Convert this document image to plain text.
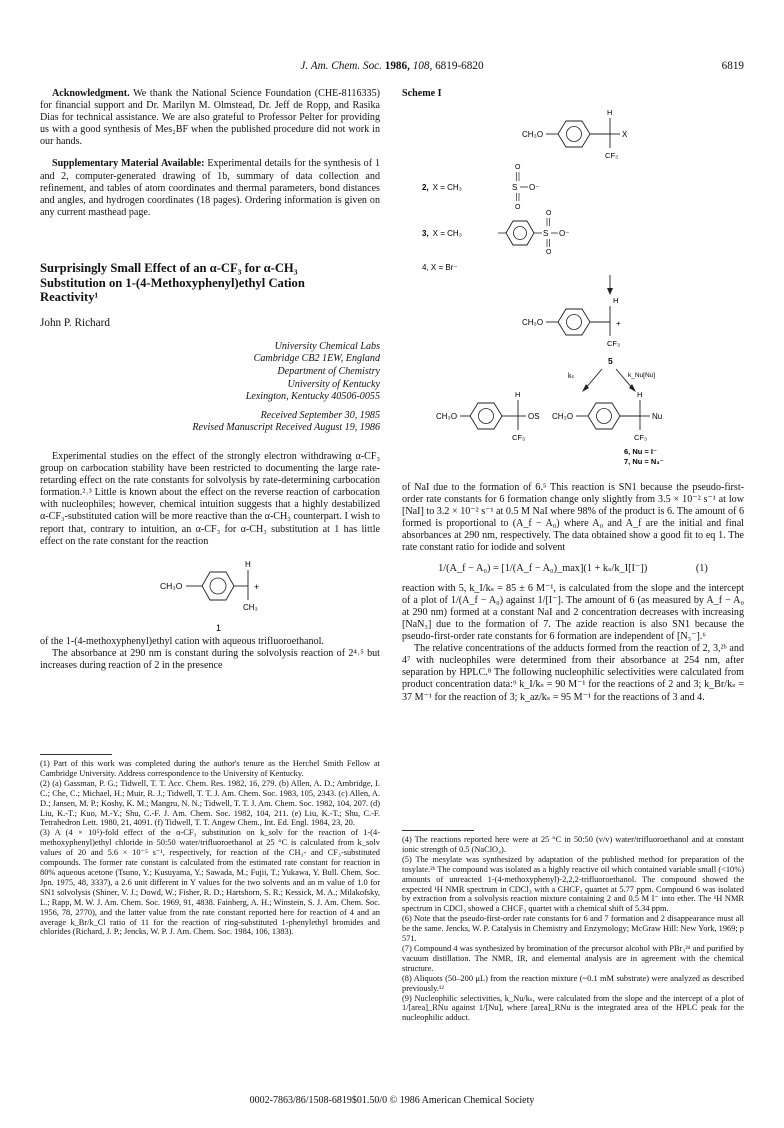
J. Am. Chem. Soc. 1986, 108, 6819-6820	6819

Acknowledgment. We thank the National Science Foundation (CHE-8116335) for financial support and Dr. Marilyn M. Olmstead, Dr. Jeff de Ropp, and Rasika Dias for technical assistance. We are also grateful to Professor Pelter for providing us with a good synthesis of Mes₂BF when the published procedure did not work in our hands.

Supplementary Material Available: Experimental details for the synthesis of 1 and 2, computer-generated drawing of 1b, summary of data collection and refinement, and tables of atom coordinates and thermal parameters, bond distances and angles, and hydrogen coordinates (18 pages). Ordering information is given on any current masthead page.

Surprisingly Small Effect of an α-CF₃ for α-CH₃
Substitution on 1-(4-Methoxyphenyl)ethyl Cation
Reactivity¹

John P. Richard

University Chemical Labs

Cambridge CB2 1EW, England

Department of Chemistry

University of Kentucky

Lexington, Kentucky 40506-0055

Received September 30, 1985

Revised Manuscript Received August 19, 1986

Experimental studies on the effect of the strongly electron withdrawing α-CF₃ group on carbocation stability have been restricted to documenting the large rate-retarding effect on the rate constants for solvolysis by rate-determining carbocation formation.²˒³ Little is known about the effect on the reverse reaction of carbocation with nucleophiles; however, chemical intuition suggests that a highly destabilized α-CF₃-substituted cation will be more reactive than the α-CH₃ counterpart. I wish to report that, contrary to intuition, an α-CF₃ for α-CH₃ substitution at 1 has little effect on the rate constant for the reaction

CH₃O
H
+
CH₃
1

of the 1-(4-methoxyphenyl)ethyl cation with aqueous trifluoroethanol.

The absorbance at 290 nm is constant during the solvolysis reaction of 2⁴˒⁵ but increases during reaction of 2 in the presence

(1) Part of this work was completed during the author's tenure as the Herchel Smith Fellow at Cambridge University. Address correspondence to the University of Kentucky.

(2) (a) Gassman, P. G.; Tidwell, T. T. Acc. Chem. Res. 1982, 16, 279. (b) Allen, A. D.; Ambridge, I. C.; Che, C.; Michael, H.; Muir, R. J.; Tidwell, T. T. J. Am. Chem. Soc. 1983, 105, 2343. (c) Allen, A. D.; Jansen, M. P.; Koshy, K. M.; Mangru, N. N.; Tidwell, T. T. J. Am. Chem. Soc. 1982, 104, 207. (d) Liu, K.-T.; Kuo, M.-Y.; Shu, C.-F. J. Am. Chem. Soc. 1982, 104, 211. (e) Liu, K.-T.; Shu, C.-F. Tetrahedron Lett. 1980, 21, 4091. (f) Tidwell, T. T. Angew Chem., Int. Ed. Engl. 1984, 23, 20.

(3) A (4 × 10⁵)-fold effect of the α-CF₃ substitution on k_solv for the reaction of 1-(4-methoxyphenyl)ethyl chloride in 50:50 water/trifluoroethanol at 25 °C is calculated from k_solv values of 20 and 5.6 × 10⁻⁵ s⁻¹, respectively, for reaction of the CH₃- and CF₃-substituted compounds. The former rate constant is calculated from the estimated rate constant for reaction in 80% aqueous acetone (Tsuno, Y.; Kusuyama, Y.; Sawada, M.; Fujii, T.; Yukawa, Y. Bull. Chem. Soc. Jpn. 1975, 48, 3337), a 2.6 unit different in Y values for the two solvents and an m value of 1.0 for SN1 solvolysis (Shiner, V. J.; Dowd, W.; Fisher, R. D.; Hartshorn, S. R.; Kessick, M. A.; Milakofsky, L.; Rapp, M. W. J. Am. Chem. Soc. 1969, 91, 4838. Fainberg, A. H.; Winstein, S. J. Am. Chem. Soc. 1956, 78, 2770), and the latter value from the rate constant reported here for reaction of 4 and an average k_Br/k_Cl ratio of 11 for the reaction of ring-substituted 1-phenylethyl bromides and chlorides (Richard, J. P.; Jencks, W. P. J. Am. Chem. Soc. 1984, 106, 1383).

Scheme I
CH₃O
H
X
CF₃
O
2, X = CH₃	S O⁻
O
3, X = CH₃	S O⁻
O
O
4, X = Br⁻
CH₃O
H
+
CF₃
5
kₛ	k_Nu[Nu]
CH₃O
H
OS
CF₃
CH₃O
H
Nu
CF₃
6, Nu = I⁻
7, Nu = N₃⁻

of NaI due to the formation of 6.⁵ This reaction is SN1 because the pseudo-first-order rate constants for 6 formation change only slightly from 3.5 × 10⁻² s⁻¹ at low [NaI] to 3.2 × 10⁻² s⁻¹ at 0.5 M NaI where 98% of the product is 6. The amount of 6 formed is proportional to (A_f − A₀) where A₀ and A_f are the initial and final absorbances at 290 nm, respectively. The data obtained show a good fit to eq 1. The rate constant ratio for iodide and solvent

1/(A_f − A₀) = [1/(A_f − A₀)_max](1 + kₛ/k_I[I⁻])	(1)

reaction with 5, k_I/kₛ = 85 ± 6 M⁻¹, is calculated from the slope and the intercept of a plot of 1/(A_f − A₀) against 1/[I⁻]. The amount of 6 (as measured by A_f − A₀ at 290 nm) formed at a constant NaI and 2 concentration decreases with increasing [NaN₃] due to the formation of 7. The azide reaction is also SN1 because the pseudo-first-order rate constants for 6 formation are independent of [N₃⁻].⁶

The relative concentrations of the adducts formed from the reaction of 2, 3,²ᵇ and 4⁷ with nucleophiles were determined from their absorbance at 254 nm, after separation by HPLC.⁸ The following nucleophilic selectivities were calculated from product concentration data:⁹ k_I/kₛ = 90 M⁻¹ for the reactions of 2 and 3; k_Br/kₛ = 37 M⁻¹ for the reaction of 3; k_az/kₛ = 95 M⁻¹ for the reactions of 3 and 4.

(4) The reactions reported here were at 25 °C in 50:50 (v/v) water/trifluoroethanol and at constant ionic strength of 0.5 (NaClO₄).

(5) The mesylate was synthesized by adaptation of the published method for preparation of the tosylate.²ᵇ The compound was isolated as a highly reactive oil which contained variable small (<10%) amounts of unreacted 1-(4-methoxyphenyl)-2,2,2-trifluoroethanol. The compound showed the expected ¹H NMR spectrum in CDCl₃ with a CHCF₃ quartet at 5.77 ppm. Compound 6 was isolated by extraction from a solvolysis reaction mixture containing 2 and 0.5 M I⁻ into ether. The ¹H NMR spectrum in CDCl₃ showed a CHCF₃ quartet with a chemical shift of 5.34 ppm.

(6) Note that the pseudo-first-order rate constants for 6 and 7 formation and 2 disappearance must all be the same. Jencks, W. P. Catalysis in Chemistry and Enzymology; McGraw Hill: New York, 1969; p 571.

(7) Compound 4 was synthesized by bromination of the precursor alcohol with PBr₃²ᵈ and purified by vacuum distillation. The NMR, IR, and elemental analysis are in agreement with the chemical structure.

(8) Aliquots (50–200 μL) from the reaction mixture (~0.1 mM substrate) were analyzed as described previously.¹²

(9) Nucleophilic selectivities, k_Nu/kₛ, were calculated from the slope and the intercept of a plot of 1/[area]_RNu against 1/[Nu], where [area]_RNu is the integrated area of the HPLC peak for the nucleophilic adduct.

0002-7863/86/1508-6819$01.50/0 © 1986 American Chemical Society
